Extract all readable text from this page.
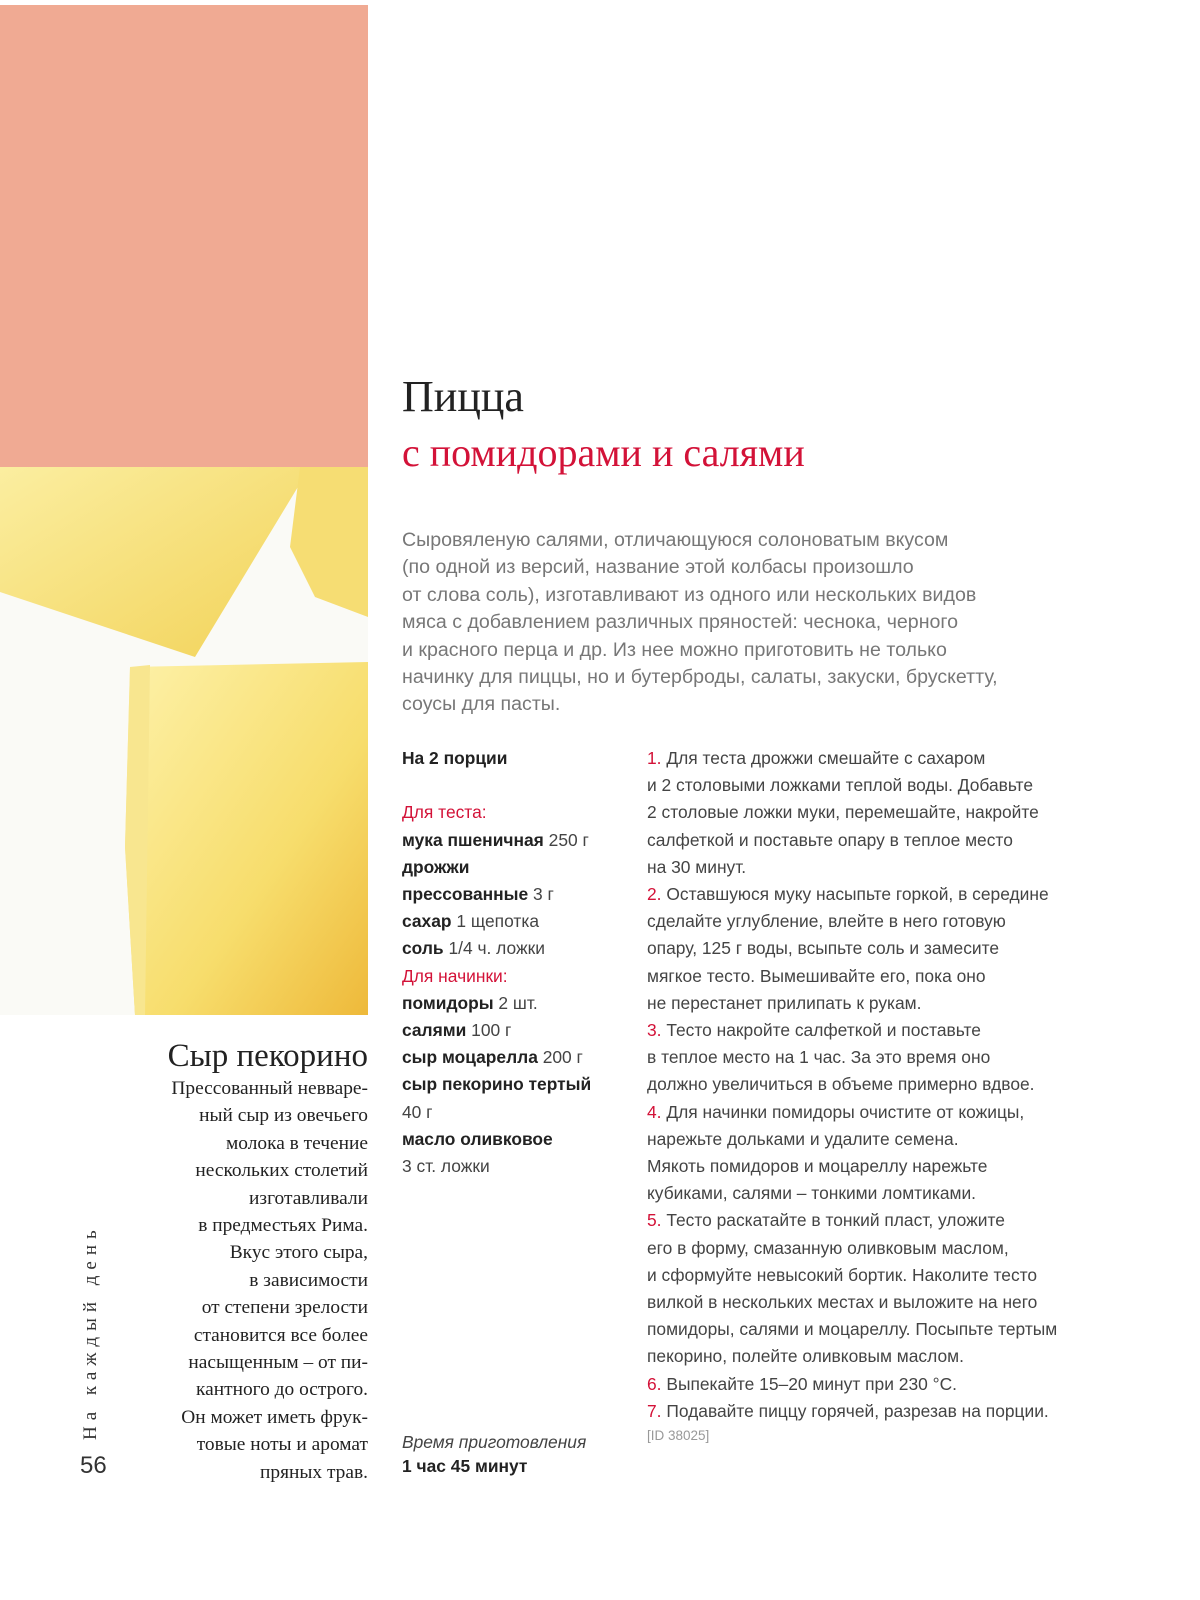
Сыр пекорино
Прессованный невваре-
ный сыр из овечьего
молока в течение
нескольких столетий
изготавливали
в предместьях Рима.
Вкус этого сыра,
в зависимости
от степени зрелости
становится все более
насыщенным – от пи-
кантного до острого.
Он может иметь фрук-
товые ноты и аромат
пряных трав.
На каждый день
56
Пицца
с помидорами и салями
Сыровяленую салями, отличающуюся солоноватым вкусом
(по одной из версий, название этой колбасы произошло
от слова соль), изготавливают из одного или нескольких видов
мяса с добавлением различных пряностей: чеснока, черного
и красного перца и др. Из нее можно приготовить не только
начинку для пиццы, но и бутерброды, салаты, закуски, брускетту,
соусы для пасты.
На 2 порции
Для теста:
мука пшеничная 250 г
дрожжи
прессованные 3 г
сахар 1 щепотка
соль 1/4 ч. ложки
Для начинки:
помидоры 2 шт.
салями 100 г
сыр моцарелла 200 г
сыр пекорино тертый
40 г
масло оливковое
3 ст. ложки
Время приготовления
1 час 45 минут
1. Для теста дрожжи смешайте с сахаром
и 2 столовыми ложками теплой воды. Добавьте
2 столовые ложки муки, перемешайте, накройте
салфеткой и поставьте опару в теплое место
на 30 минут.
2. Оставшуюся муку насыпьте горкой, в середине
сделайте углубление, влейте в него готовую
опару, 125 г воды, всыпьте соль и замесите
мягкое тесто. Вымешивайте его, пока оно
не перестанет прилипать к рукам.
3. Тесто накройте салфеткой и поставьте
в теплое место на 1 час. За это время оно
должно увеличиться в объеме примерно вдвое.
4. Для начинки помидоры очистите от кожицы,
нарежьте дольками и удалите семена.
Мякоть помидоров и моцареллу нарежьте
кубиками, салями – тонкими ломтиками.
5. Тесто раскатайте в тонкий пласт, уложите
его в форму, смазанную оливковым маслом,
и сформуйте невысокий бортик. Наколите тесто
вилкой в нескольких местах и выложите на него
помидоры, салями и моцареллу. Посыпьте тертым
пекорино, полейте оливковым маслом.
6. Выпекайте 15–20 минут при 230 °С.
7. Подавайте пиццу горячей, разрезав на порции.
[ID 38025]
